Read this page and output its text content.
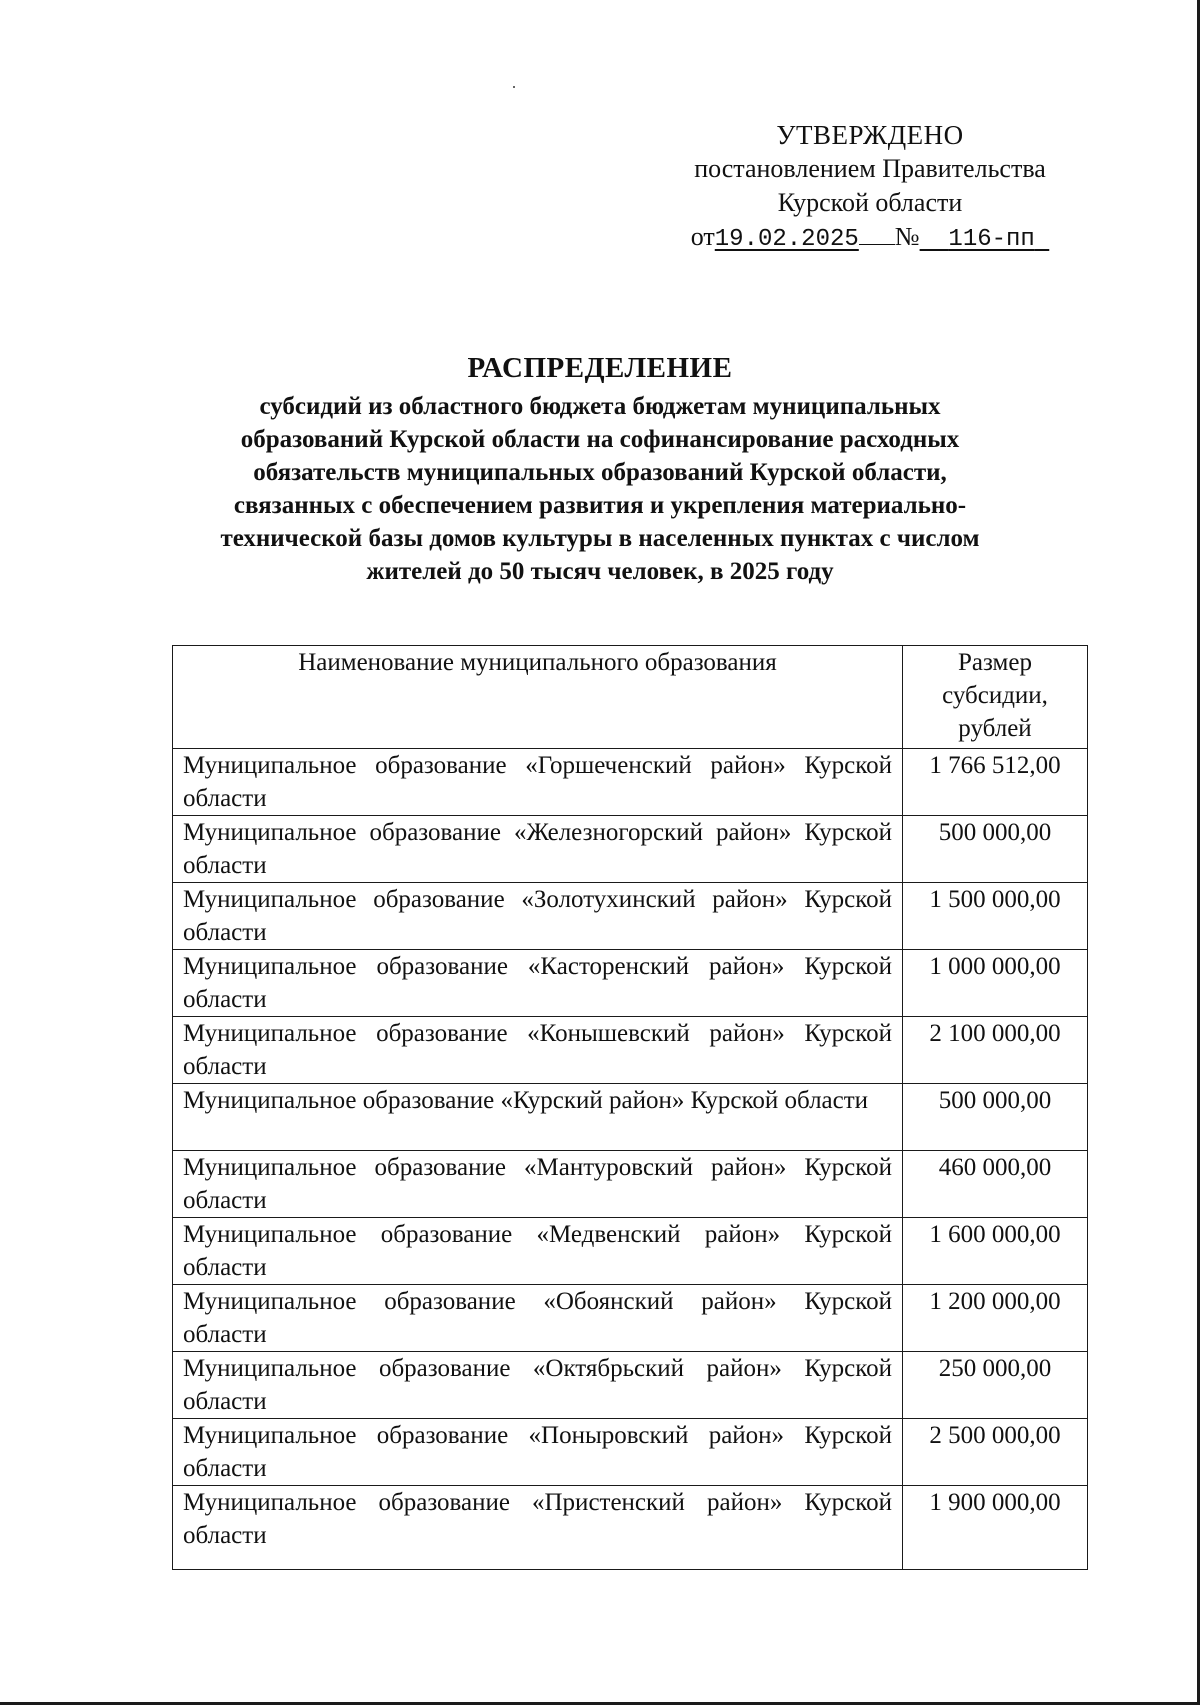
УТВЕРЖДЕНО
постановлением Правительства
Курской области
от19.02.2025 № 116-пп
РАСПРЕДЕЛЕНИЕ
субсидий из областного бюджета бюджетам муниципальных
образований Курской области на софинансирование расходных
обязательств муниципальных образований Курской области,
связанных с обеспечением развития и укрепления материально-
технической базы домов культуры в населенных пунктах с числом
жителей до 50 тысяч человек, в 2025 году
Наименование муниципального образования	Размер субсидии, рублей
Муниципальное образование «Горшеченский район» Курской области	1 766 512,00
Муниципальное образование «Железногорский район» Курской области	500 000,00
Муниципальное образование «Золотухинский район» Курской области	1 500 000,00
Муниципальное образование «Касторенский район» Курской области	1 000 000,00
Муниципальное образование «Конышевский район» Курской области	2 100 000,00
Муниципальное образование «Курский район» Курской области	500 000,00
Муниципальное образование «Мантуровский район» Курской области	460 000,00
Муниципальное образование «Медвенский район» Курской области	1 600 000,00
Муниципальное образование «Обоянский район» Курской области	1 200 000,00
Муниципальное образование «Октябрьский район» Курской области	250 000,00
Муниципальное образование «Поныровский район» Курской области	2 500 000,00
Муниципальное образование «Пристенский район» Курской области	1 900 000,00
